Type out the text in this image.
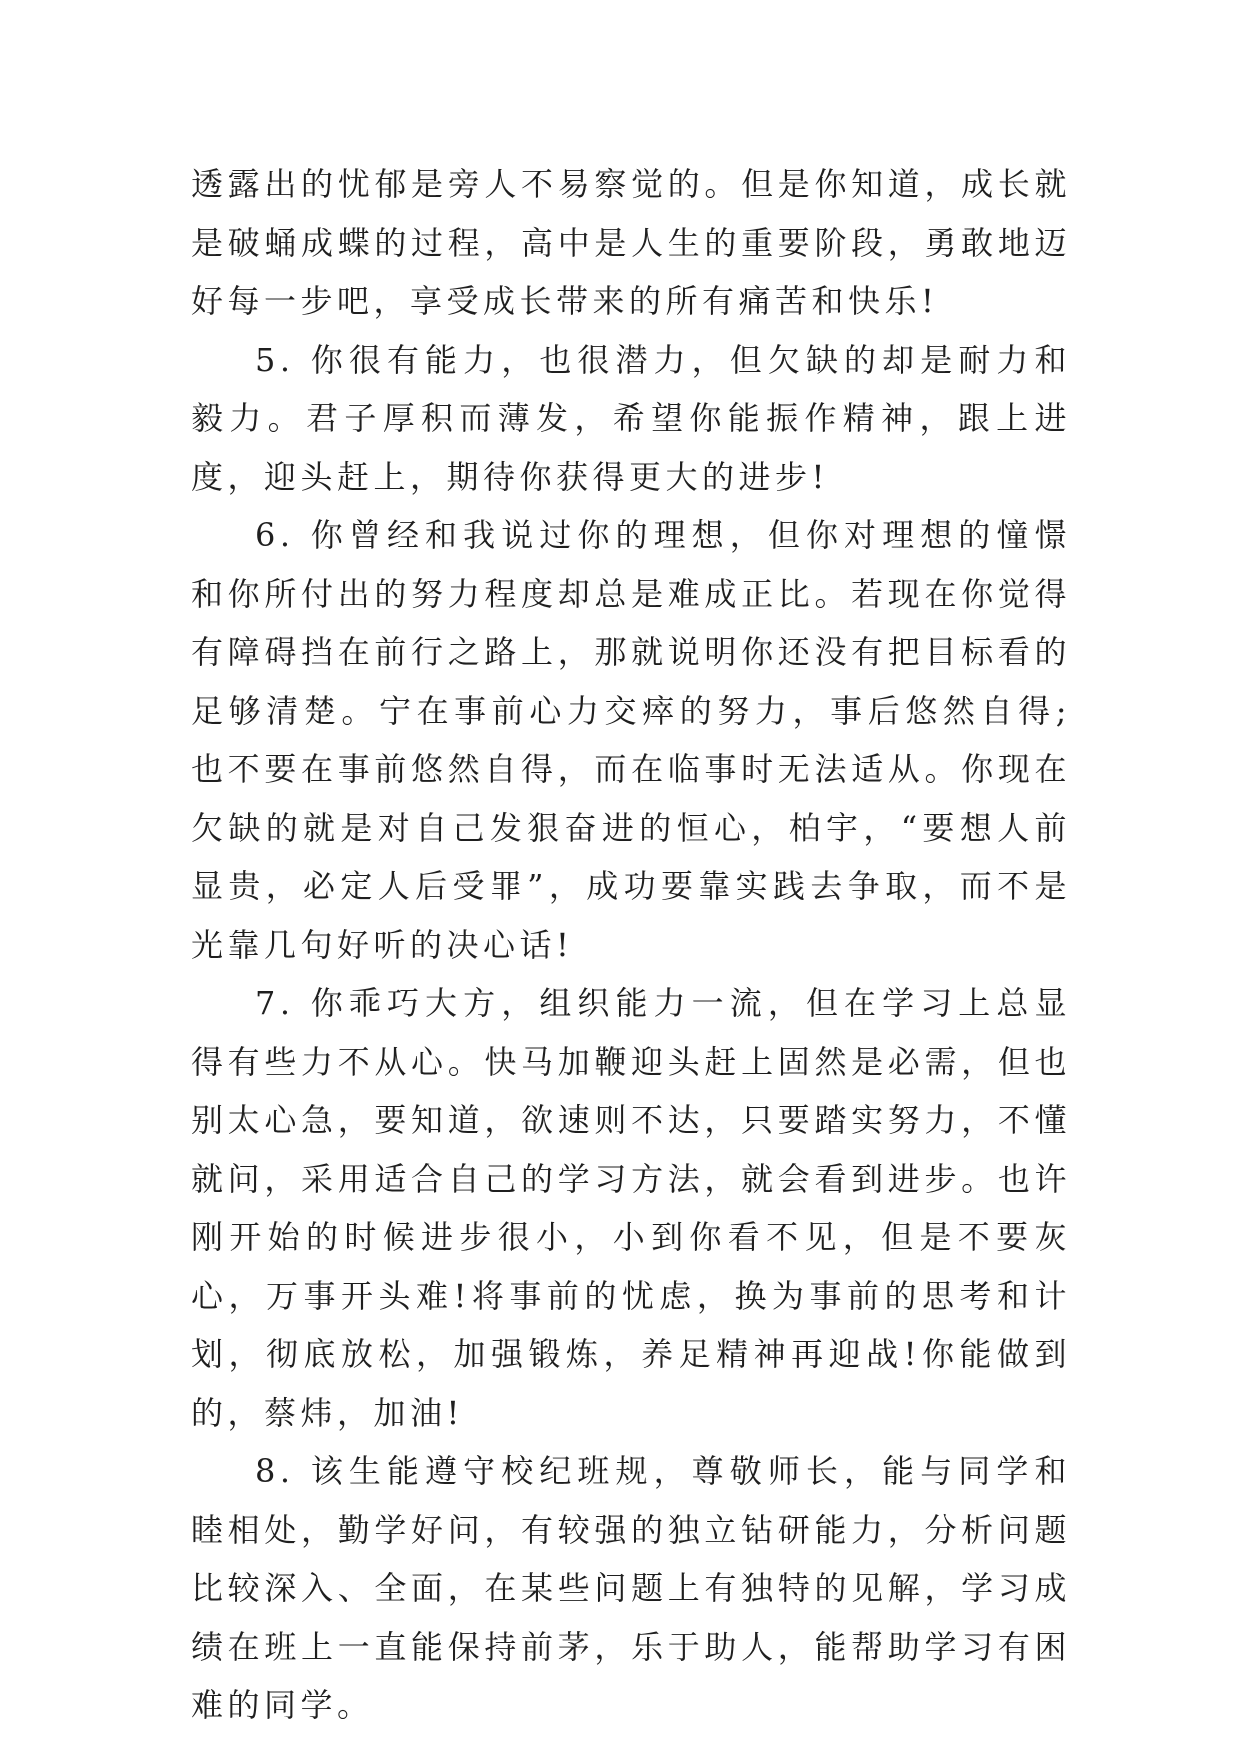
透露出的忧郁是旁人不易察觉的。但是你知道，成长就是破蛹成蝶的过程，高中是人生的重要阶段，勇敢地迈好每一步吧，享受成长带来的所有痛苦和快乐!

5. 你很有能力，也很潜力，但欠缺的却是耐力和毅力。君子厚积而薄发，希望你能振作精神，跟上进度，迎头赶上，期待你获得更大的进步!

6. 你曾经和我说过你的理想，但你对理想的憧憬和你所付出的努力程度却总是难成正比。若现在你觉得有障碍挡在前行之路上，那就说明你还没有把目标看的足够清楚。宁在事前心力交瘁的努力，事后悠然自得;也不要在事前悠然自得，而在临事时无法适从。你现在欠缺的就是对自己发狠奋进的恒心，柏宇，“要想人前显贵，必定人后受罪”，成功要靠实践去争取，而不是光靠几句好听的决心话!

7. 你乖巧大方，组织能力一流，但在学习上总显得有些力不从心。快马加鞭迎头赶上固然是必需，但也别太心急，要知道，欲速则不达，只要踏实努力，不懂就问，采用适合自己的学习方法，就会看到进步。也许刚开始的时候进步很小，小到你看不见，但是不要灰心，万事开头难!将事前的忧虑，换为事前的思考和计划，彻底放松，加强锻炼，养足精神再迎战!你能做到的，蔡炜，加油!

8. 该生能遵守校纪班规，尊敬师长，能与同学和睦相处，勤学好问，有较强的独立钻研能力，分析问题比较深入、全面，在某些问题上有独特的见解，学习成绩在班上一直能保持前茅，乐于助人，能帮助学习有困难的同学。
